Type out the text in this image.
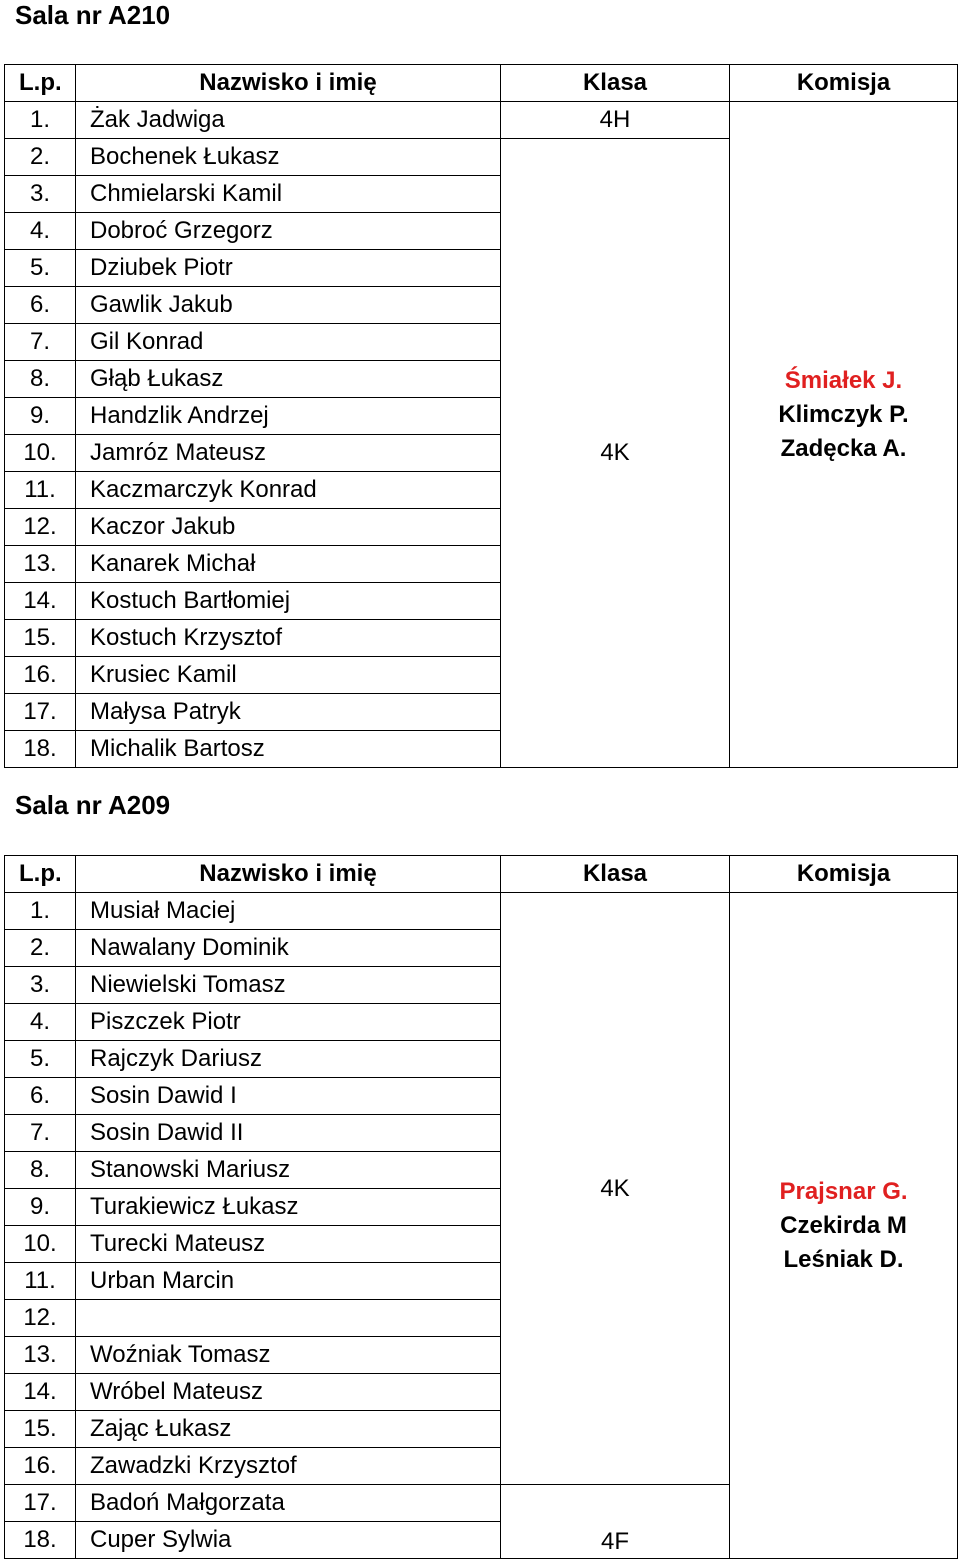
Sala nr A210
L.p.	Nazwisko i imię	Klasa	Komisja
1.	Żak Jadwiga	4H	Śmiałek J.
Klimczyk P.
Zadęcka A.

2.	Bochenek Łukasz	4K	
3.	Chmielarski Kamil		
4.	Dobroć Grzegorz		
5.	Dziubek Piotr		
6.	Gawlik Jakub		
7.	Gil Konrad		
8.	Głąb Łukasz		
9.	Handzlik Andrzej		
10.	Jamróz Mateusz		
11.	Kaczmarczyk Konrad		
12.	Kaczor Jakub		
13.	Kanarek Michał		
14.	Kostuch Bartłomiej		
15.	Kostuch Krzysztof		
16.	Krusiec Kamil		
17.	Małysa Patryk		
18.	Michalik Bartosz		
Sala nr A209
L.p.	Nazwisko i imię	Klasa	Komisja
1.	Musiał Maciej	4K	Prajsnar G.
Czekirda M
Leśniak D.

2.	Nawalany Dominik		
3.	Niewielski Tomasz		
4.	Piszczek Piotr		
5.	Rajczyk Dariusz		
6.	Sosin Dawid I		
7.	Sosin Dawid II		
8.	Stanowski Mariusz		
9.	Turakiewicz Łukasz		
10.	Turecki Mateusz		
11.	Urban Marcin		
12.			
13.	Woźniak Tomasz		
14.	Wróbel Mateusz		
15.	Zając Łukasz		
16.	Zawadzki Krzysztof		
17.	Badoń Małgorzata	4F	
18.	Cuper Sylwia		
